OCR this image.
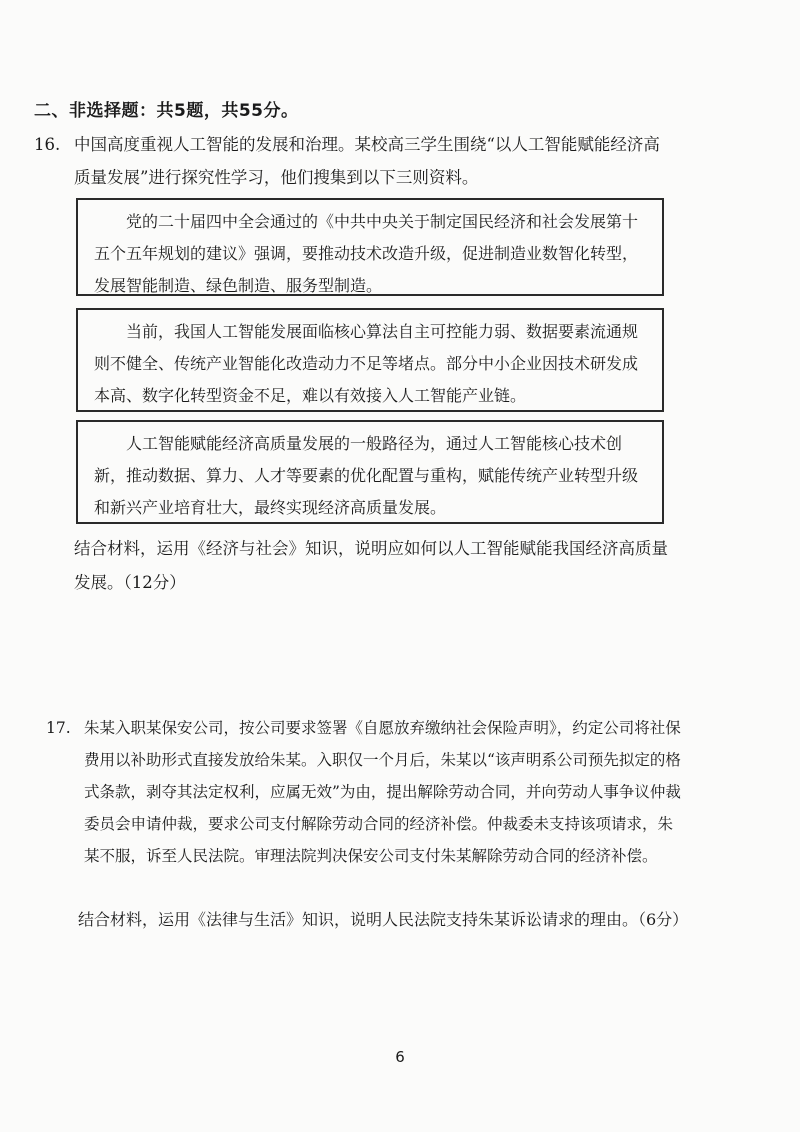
二、非选择题：共5题，共55分。
16. 中国高度重视人工智能的发展和治理。某校高三学生围绕“以人工智能赋能经济高质量发展”进行探究性学习，他们搜集到以下三则资料。
党的二十届四中全会通过的《中共中央关于制定国民经济和社会发展第十五个五年规划的建议》强调，要推动技术改造升级，促进制造业数智化转型，发展智能制造、绿色制造、服务型制造。
当前，我国人工智能发展面临核心算法自主可控能力弱、数据要素流通规则不健全、传统产业智能化改造动力不足等堵点。部分中小企业因技术研发成本高、数字化转型资金不足，难以有效接入人工智能产业链。
人工智能赋能经济高质量发展的一般路径为，通过人工智能核心技术创新，推动数据、算力、人才等要素的优化配置与重构，赋能传统产业转型升级和新兴产业培育壮大，最终实现经济高质量发展。
结合材料，运用《经济与社会》知识，说明应如何以人工智能赋能我国经济高质量发展。（12分）
17. 朱某入职某保安公司，按公司要求签署《自愿放弃缴纳社会保险声明》，约定公司将社保费用以补助形式直接发放给朱某。入职仅一个月后，朱某以“该声明系公司预先拟定的格式条款，剥夺其法定权利，应属无效”为由，提出解除劳动合同，并向劳动人事争议仲裁委员会申请仲裁，要求公司支付解除劳动合同的经济补偿。仲裁委未支持该项请求，朱某不服，诉至人民法院。审理法院判决保安公司支付朱某解除劳动合同的经济补偿。
结合材料，运用《法律与生活》知识，说明人民法院支持朱某诉讼请求的理由。（6分）
6
